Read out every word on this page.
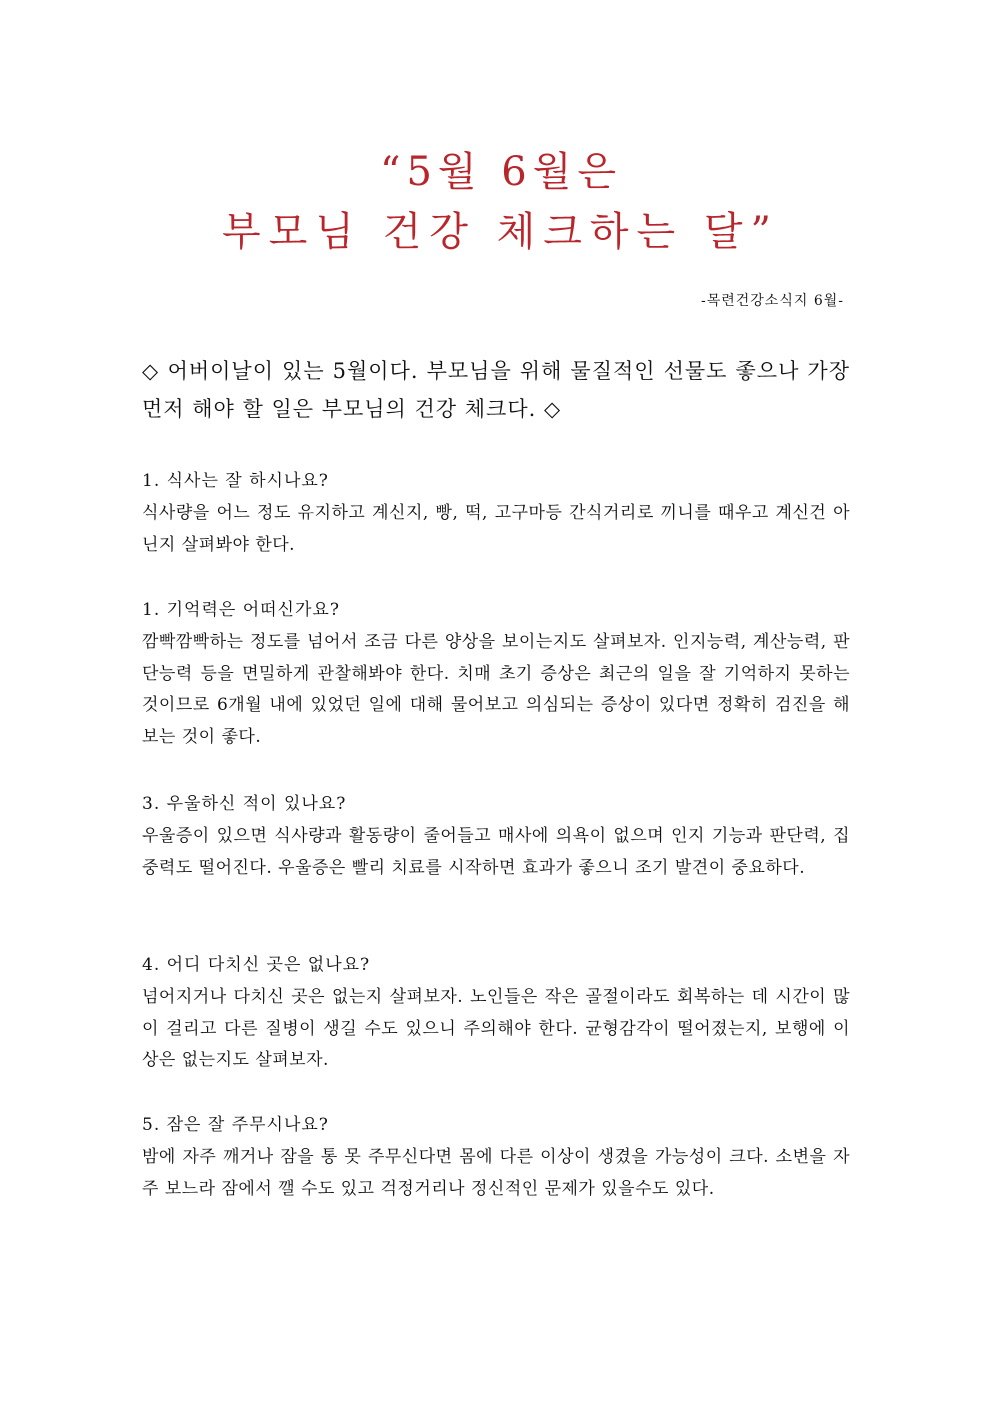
“5월 6월은
부모님 건강 체크하는 달”
-목련건강소식지 6월-
◇ 어버이날이 있는 5월이다. 부모님을 위해 물질적인 선물도 좋으나 가장먼저 해야 할 일은 부모님의 건강 체크다. ◇
1. 식사는 잘 하시나요?
식사량을 어느 정도 유지하고 계신지, 빵, 떡, 고구마등 간식거리로 끼니를 때우고 계신건 아닌지 살펴봐야 한다.
1. 기억력은 어떠신가요?
깜빡깜빡하는 정도를 넘어서 조금 다른 양상을 보이는지도 살펴보자. 인지능력, 계산능력, 판단능력 등을 면밀하게 관찰해봐야 한다. 치매 초기 증상은 최근의 일을 잘 기억하지 못하는 것이므로 6개월 내에 있었던 일에 대해 물어보고 의심되는 증상이 있다면 정확히 검진을 해보는 것이 좋다.
3. 우울하신 적이 있나요?
우울증이 있으면 식사량과 활동량이 줄어들고 매사에 의욕이 없으며 인지 기능과 판단력, 집중력도 떨어진다. 우울증은 빨리 치료를 시작하면 효과가 좋으니 조기 발견이 중요하다.
4. 어디 다치신 곳은 없나요?
넘어지거나 다치신 곳은 없는지 살펴보자. 노인들은 작은 골절이라도 회복하는 데 시간이 많이 걸리고 다른 질병이 생길 수도 있으니 주의해야 한다. 균형감각이 떨어졌는지, 보행에 이상은 없는지도 살펴보자.
5. 잠은 잘 주무시나요?
밤에 자주 깨거나 잠을 통 못 주무신다면 몸에 다른 이상이 생겼을 가능성이 크다. 소변을 자주 보느라 잠에서 깰 수도 있고 걱정거리나 정신적인 문제가 있을수도 있다.
